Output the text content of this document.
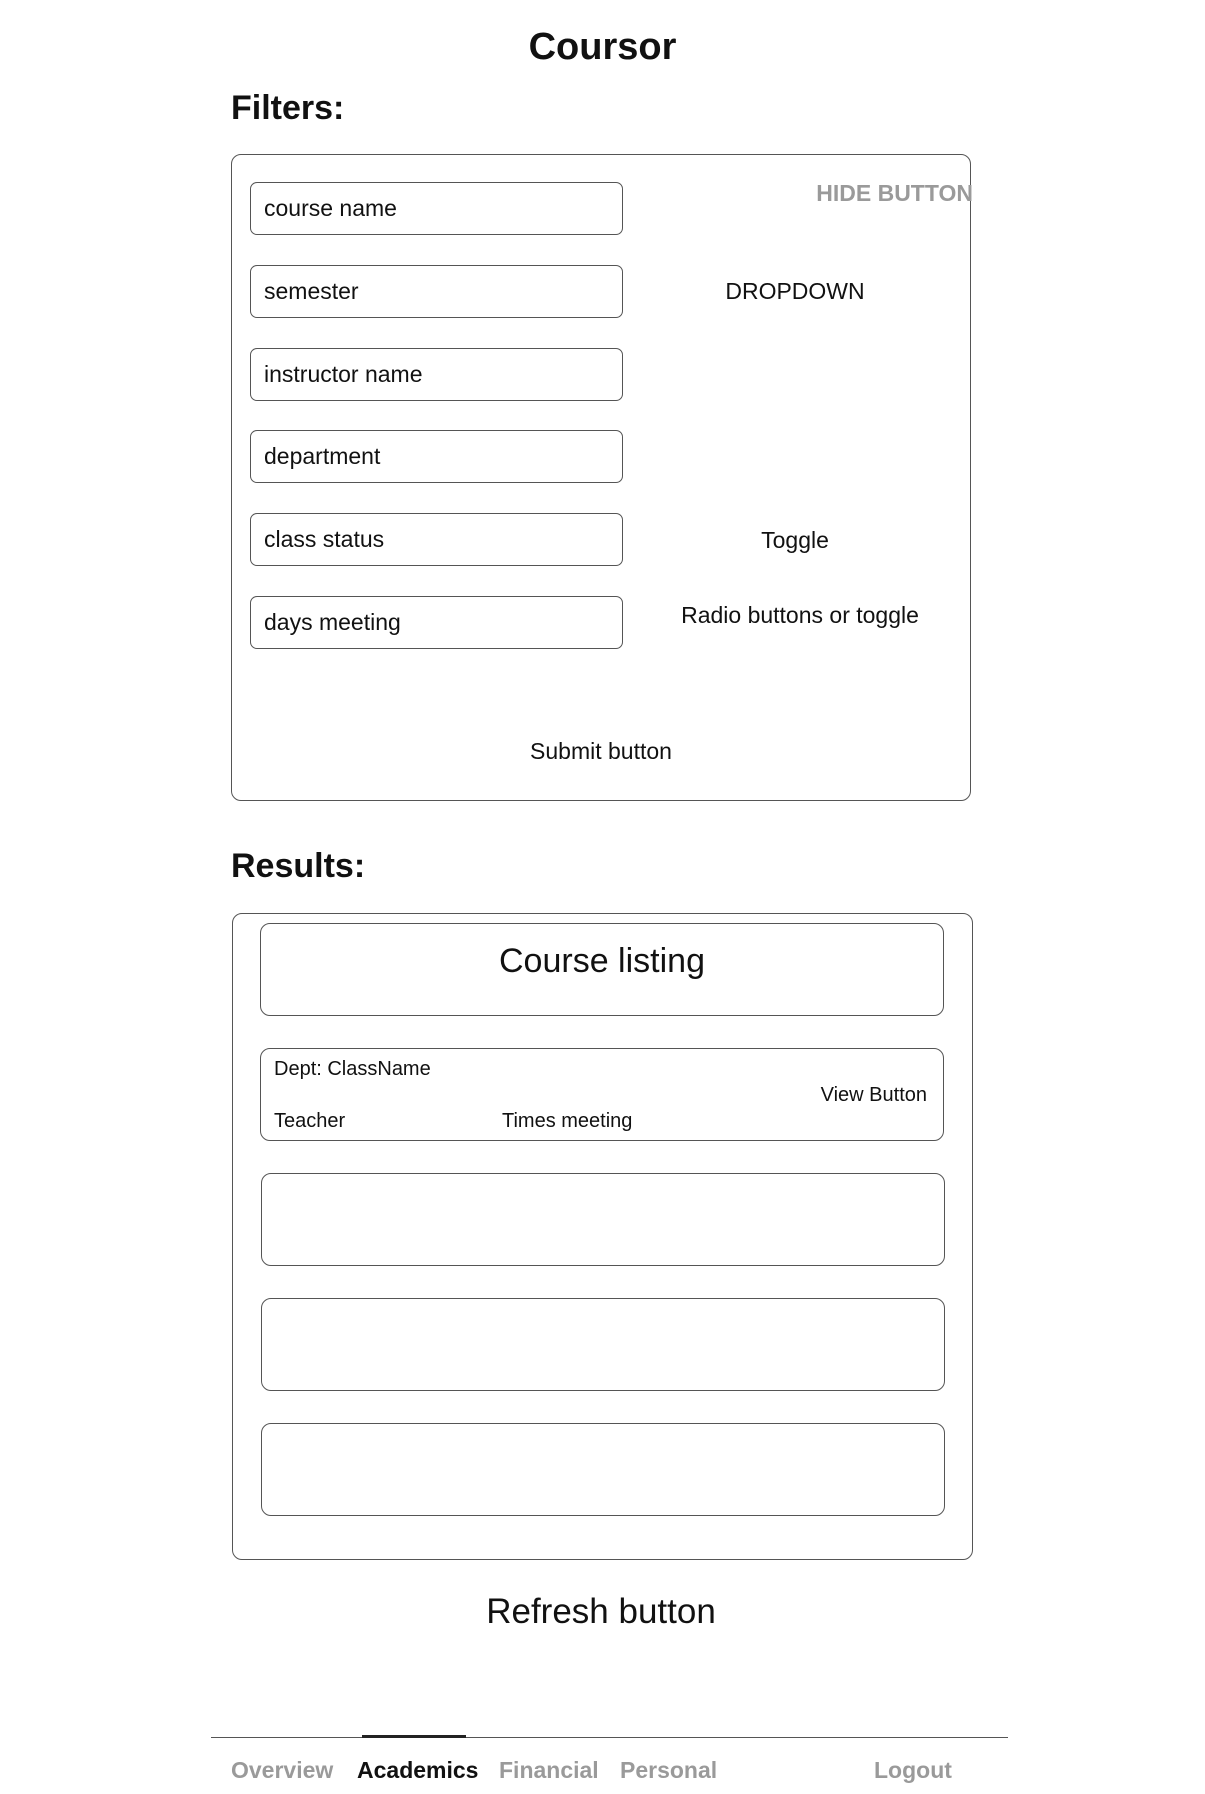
Coursor
Filters:
HIDE BUTTON
course name
semester
instructor name
department
class status
days meeting
DROPDOWN
Toggle
Radio buttons or toggle
Submit button
Results:
Course listing
Dept: ClassName
Teacher	Times meeting
View Button
Refresh button
Overview Academics Financial Personal	Logout
